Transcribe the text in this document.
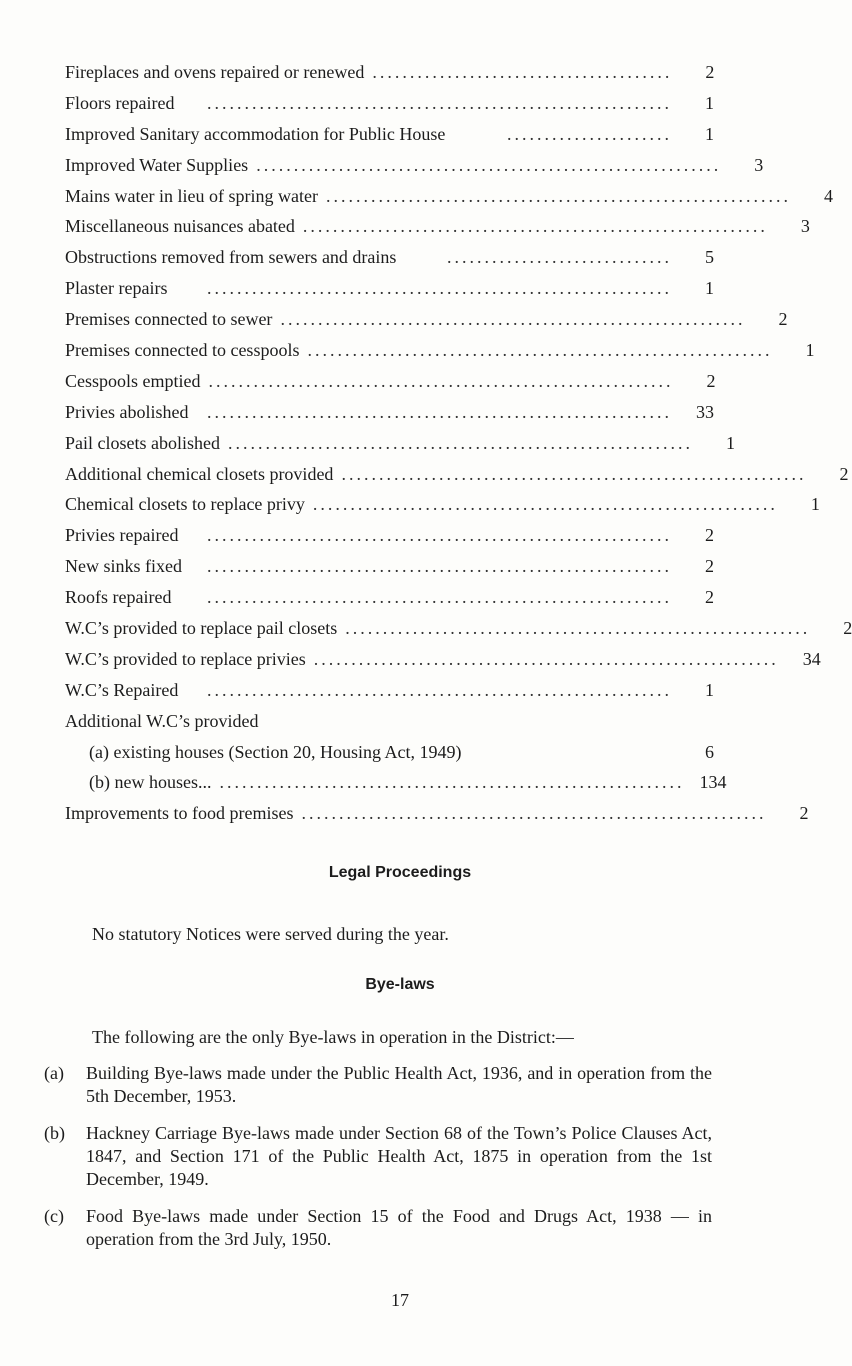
Fireplaces and ovens repaired or renewed ........................................	2
Floors repaired	..............................................................	1
Improved Sanitary accommodation for Public House	......................	1
Improved Water Supplies ..............................................................	3
Mains water in lieu of spring water ..............................................................	4
Miscellaneous nuisances abated ..............................................................	3
Obstructions removed from sewers and drains	..............................	5
Plaster repairs	..............................................................	1
Premises connected to sewer ..............................................................	2
Premises connected to cesspools ..............................................................	1
Cesspools emptied ..............................................................	2
Privies abolished	..............................................................	33
Pail closets abolished ..............................................................	1
Additional chemical closets provided ..............................................................	2
Chemical closets to replace privy ..............................................................	1
Privies repaired	..............................................................	2
New sinks fixed	..............................................................	2
Roofs repaired	..............................................................	2
W.C’s provided to replace pail closets ..............................................................	2
W.C’s provided to replace privies ..............................................................	34
W.C’s Repaired	..............................................................	1
Additional W.C’s provided
(a) existing houses (Section 20, Housing Act, 1949)	6
(b) new houses... .............................................................. 134
Improvements to food premises ..............................................................	2
Legal Proceedings
No statutory Notices were served during the year.
Bye-laws
The following are the only Bye-laws in operation in the District:—
(a)	Building Bye-laws made under the Public Health Act, 1936, and in operation from the 5th December, 1953.
(b)	Hackney Carriage Bye-laws made under Section 68 of the Town’s Police Clauses Act, 1847, and Section 171 of the Public Health Act, 1875 in operation from the 1st December, 1949.
(c)	Food Bye-laws made under Section 15 of the Food and Drugs Act, 1938 — in operation from the 3rd July, 1950.
17
